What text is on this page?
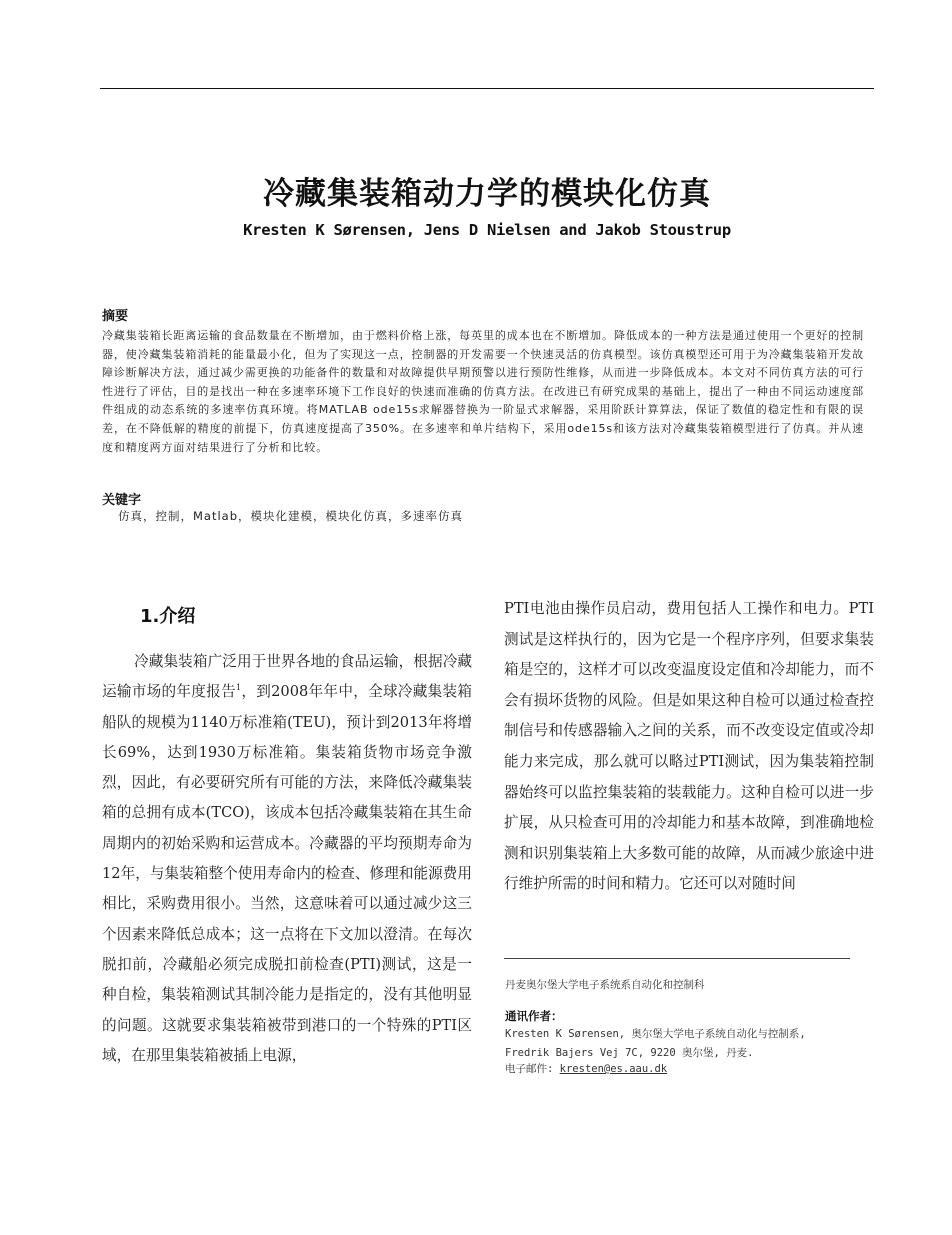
冷藏集装箱动力学的模块化仿真
Kresten K Sørensen, Jens D Nielsen and Jakob Stoustrup
摘要
冷藏集装箱长距离运输的食品数量在不断增加，由于燃料价格上涨，每英里的成本也在不断增加。降低成本的一种方法是通过使用一个更好的控制器，使冷藏集装箱消耗的能量最小化，但为了实现这一点，控制器的开发需要一个快速灵活的仿真模型。该仿真模型还可用于为冷藏集装箱开发故障诊断解决方法，通过减少需更换的功能备件的数量和对故障提供早期预警以进行预防性维修，从而进一步降低成本。本文对不同仿真方法的可行性进行了评估，目的是找出一种在多速率环境下工作良好的快速而准确的仿真方法。在改进已有研究成果的基础上，提出了一种由不同运动速度部件组成的动态系统的多速率仿真环境。将MATLAB ode15s求解器替换为一阶显式求解器，采用阶跃计算算法，保证了数值的稳定性和有限的误差，在不降低解的精度的前提下，仿真速度提高了350%。在多速率和单片结构下，采用ode15s和该方法对冷藏集装箱模型进行了仿真。并从速度和精度两方面对结果进行了分析和比较。
关键字
仿真，控制，Matlab，模块化建模，模块化仿真，多速率仿真
1.介绍
冷藏集装箱广泛用于世界各地的食品运输，根据冷藏运输市场的年度报告$^1$，到2008年年中，全球冷藏集装箱船队的规模为1140万标准箱(TEU)，预计到2013年将增长69%，达到1930万标准箱。集装箱货物市场竞争激烈，因此，有必要研究所有可能的方法，来降低冷藏集装箱的总拥有成本(TCO)，该成本包括冷藏集装箱在其生命周期内的初始采购和运营成本。冷藏器的平均预期寿命为12年，与集装箱整个使用寿命内的检查、修理和能源费用相比，采购费用很小。当然，这意味着可以通过减少这三个因素来降低总成本；这一点将在下文加以澄清。在每次脱扣前，冷藏船必须完成脱扣前检查(PTI)测试，这是一种自检，集装箱测试其制冷能力是指定的，没有其他明显的问题。这就要求集装箱被带到港口的一个特殊的PTI区域，在那里集装箱被插上电源，
PTI电池由操作员启动，费用包括人工操作和电力。PTI测试是这样执行的，因为它是一个程序序列，但要求集装箱是空的，这样才可以改变温度设定值和冷却能力，而不会有损坏货物的风险。但是如果这种自检可以通过检查控制信号和传感器输入之间的关系，而不改变设定值或冷却能力来完成，那么就可以略过PTI测试，因为集装箱控制器始终可以监控集装箱的装载能力。这种自检可以进一步扩展，从只检查可用的冷却能力和基本故障，到准确地检测和识别集装箱上大多数可能的故障，从而减少旅途中进行维护所需的时间和精力。它还可以对随时间
丹麦奥尔堡大学电子系统系自动化和控制科
通讯作者：
Kresten K Sørensen, 奥尔堡大学电子系统自动化与控制系,
Fredrik Bajers Vej 7C, 9220 奥尔堡, 丹麦.
电子邮件: kresten@es.aau.dk
